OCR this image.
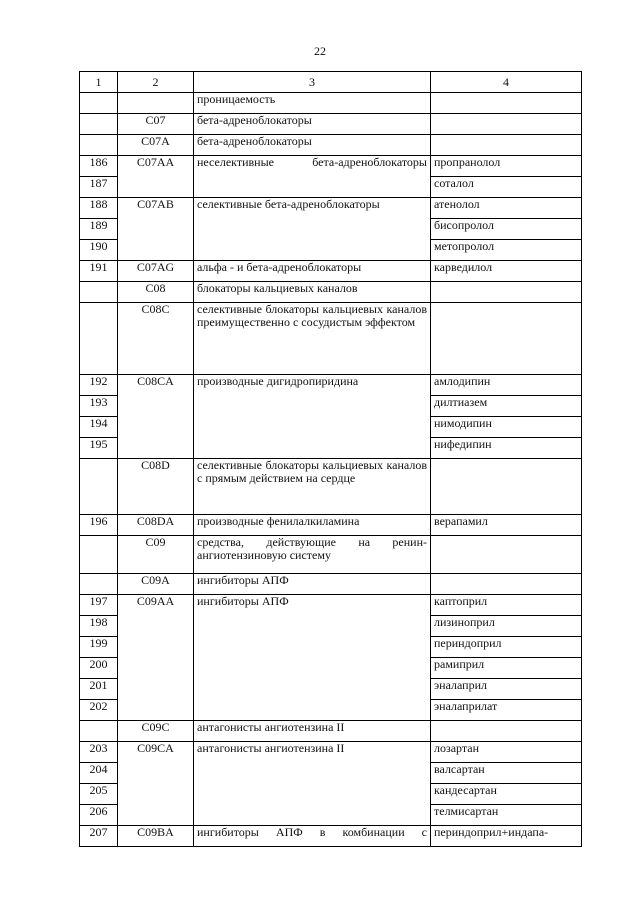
22
1	2	3	4
		проницаемость	
	C07	бета-адреноблокаторы	
	C07A	бета-адреноблокаторы	
186	C07AA	неселективные бета-адреноблокаторы	пропранолол
187			соталол
188	C07AB	селективные бета-адреноблокаторы	атенолол
189			бисопролол
190			метопролол
191	C07AG	альфа - и бета-адреноблокаторы	карведилол
	C08	блокаторы кальциевых каналов	
	C08C	селективные блокаторы кальциевых каналов преимущественно с сосудистым эффектом	
192	C08CA	производные дигидропиридина	амлодипин
193			дилтиазем
194			нимодипин
195			нифедипин
	C08D	селективные блокаторы кальциевых каналов с прямым действием на сердце	
196	C08DA	производные фенилалкиламина	верапамил
	C09	средства, действующие на ренин-ангиотензиновую систему	
	C09A	ингибиторы АПФ	
197	C09AA	ингибиторы АПФ	каптоприл
198			лизиноприл
199			периндоприл
200			рамиприл
201			эналаприл
202			эналаприлат
	C09C	антагонисты ангиотензина II	
203	C09CA	антагонисты ангиотензина II	лозартан
204			валсартан
205			кандесартан
206			телмисартан
207	C09BA	ингибиторы АПФ в комбинации с	периндоприл+индапа-
